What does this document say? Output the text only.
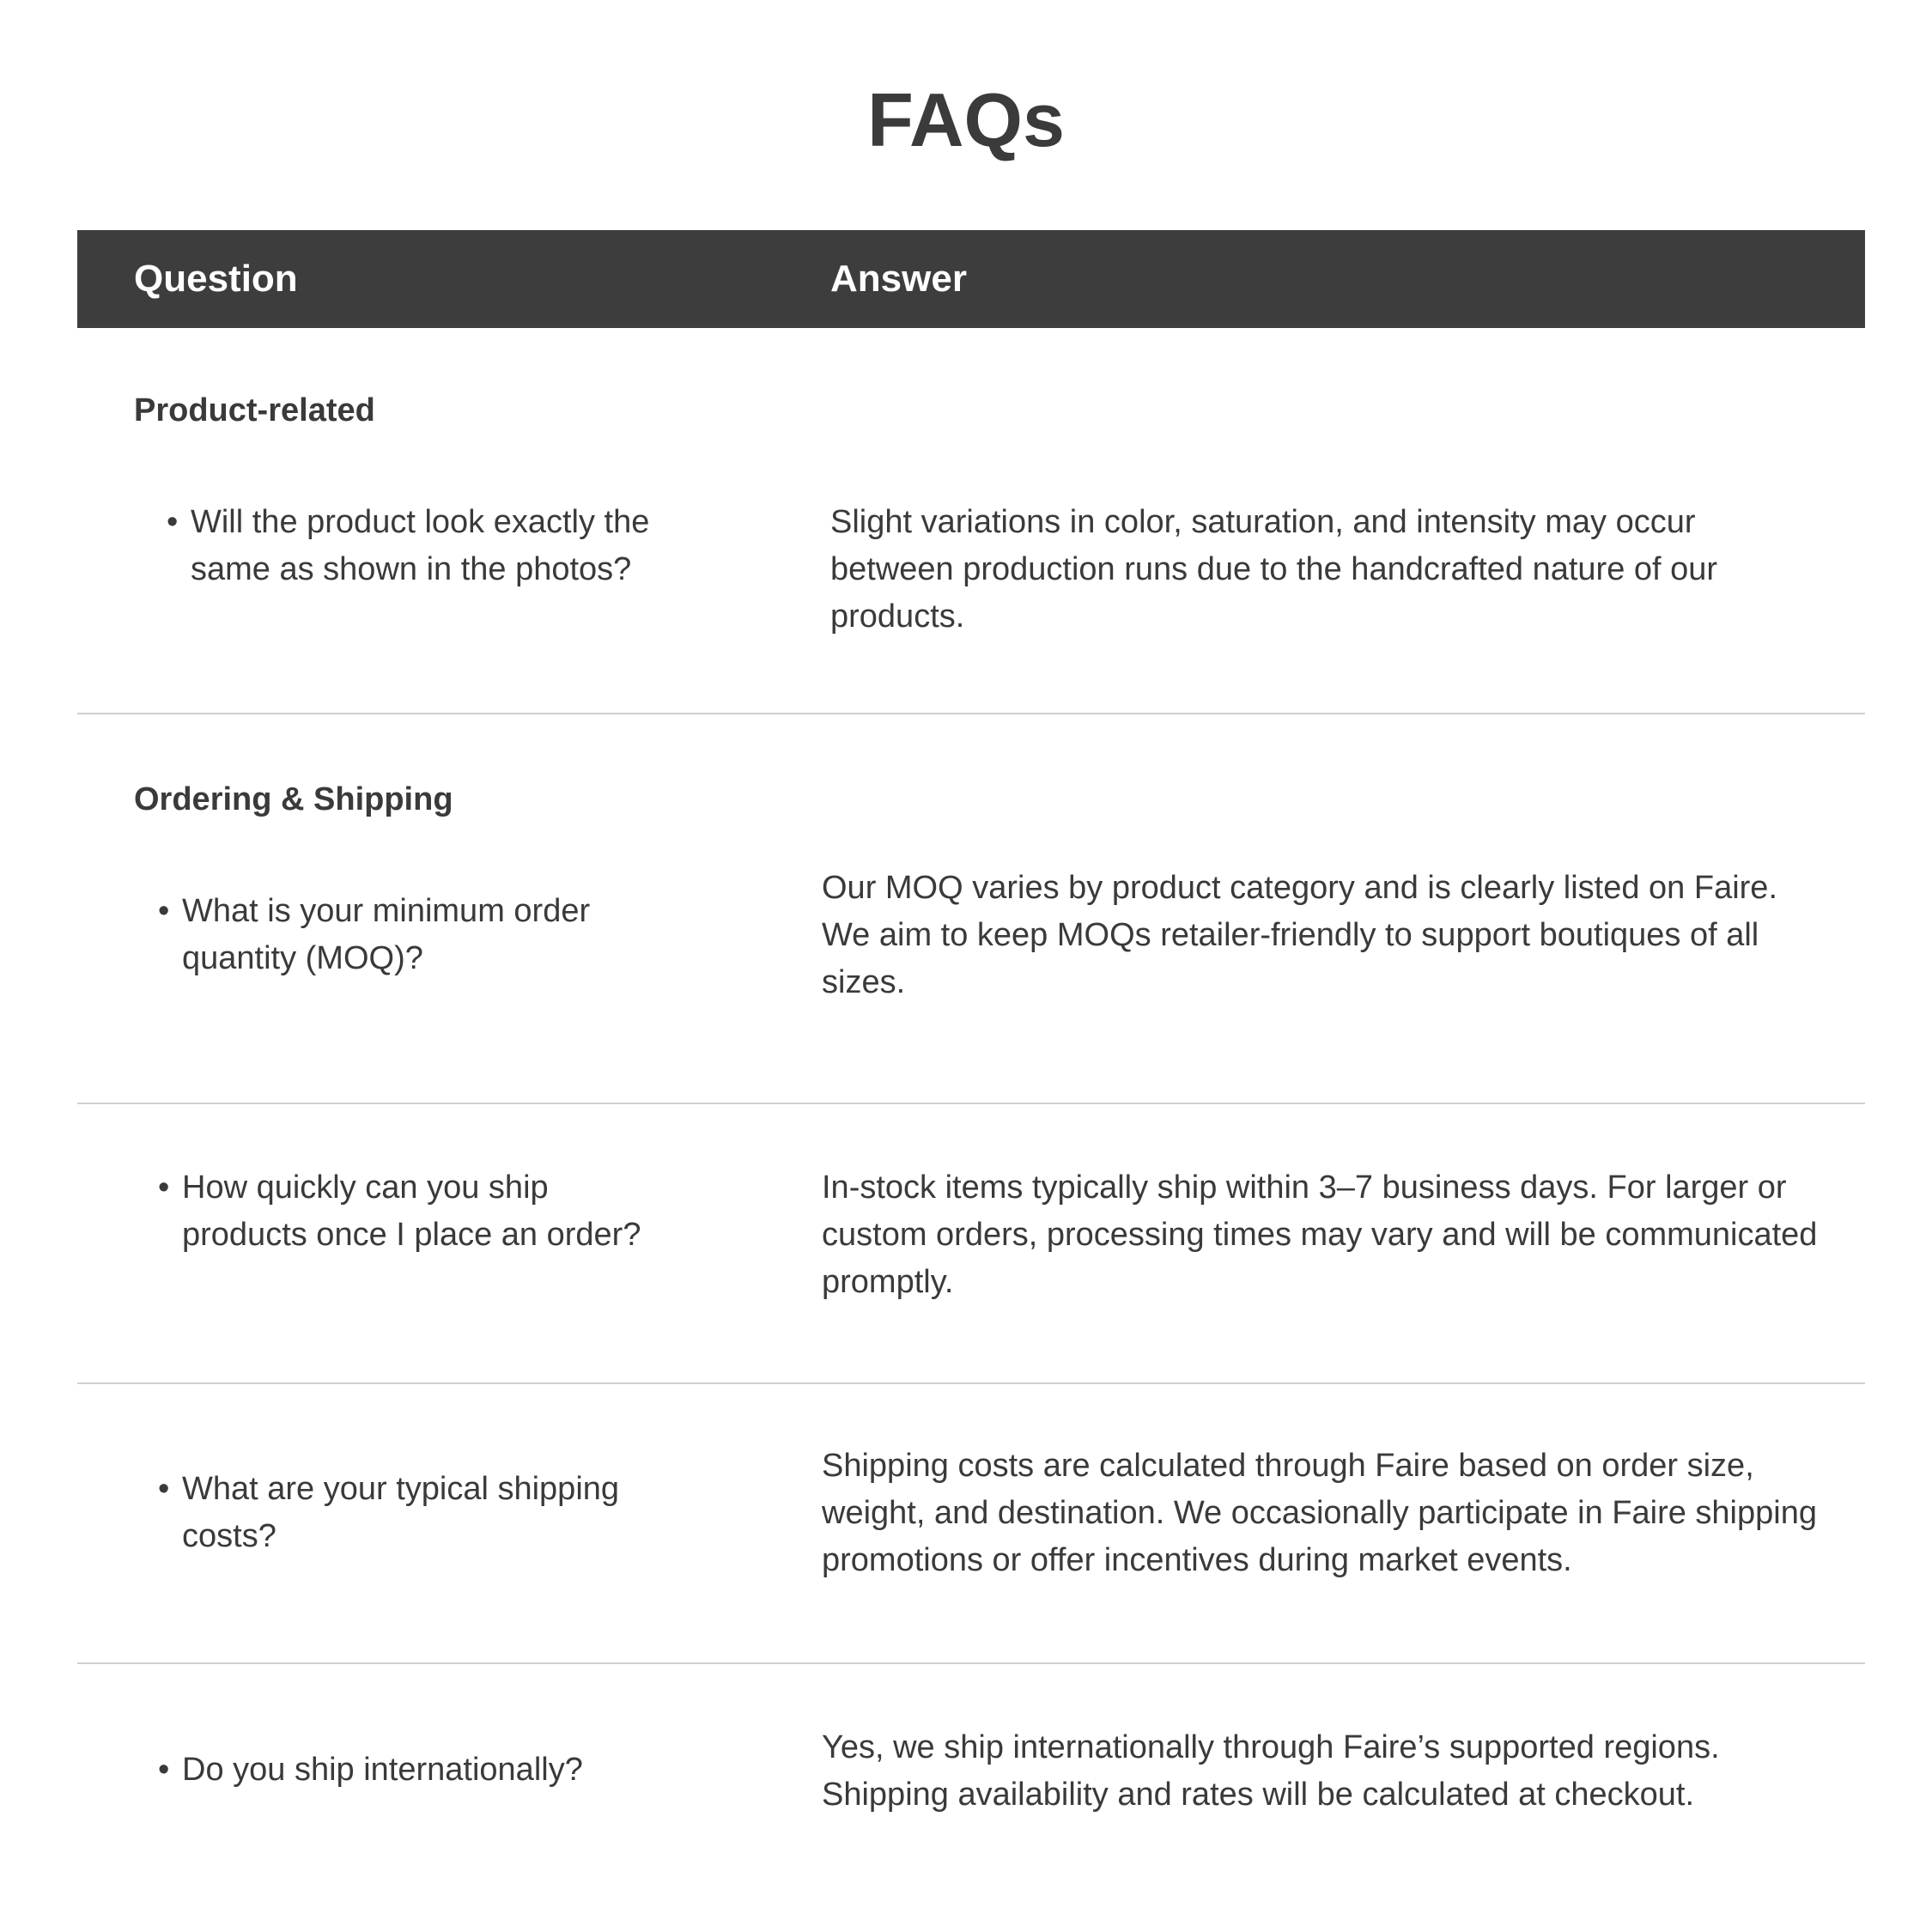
FAQs
Question	Answer
Product-related
• Will the product look exactly the same as shown in the photos?
Slight variations in color, saturation, and intensity may occur between production runs due to the handcrafted nature of our products.
Ordering & Shipping
• What is your minimum order quantity (MOQ)?
Our MOQ varies by product category and is clearly listed on Faire. We aim to keep MOQs retailer-friendly to support boutiques of all sizes.
• How quickly can you ship products once I place an order?
In-stock items typically ship within 3–7 business days. For larger or custom orders, processing times may vary and will be communicated promptly.
• What are your typical shipping costs?
Shipping costs are calculated through Faire based on order size, weight, and destination. We occasionally participate in Faire shipping promotions or offer incentives during market events.
• Do you ship internationally?
Yes, we ship internationally through Faire’s supported regions. Shipping availability and rates will be calculated at checkout.
